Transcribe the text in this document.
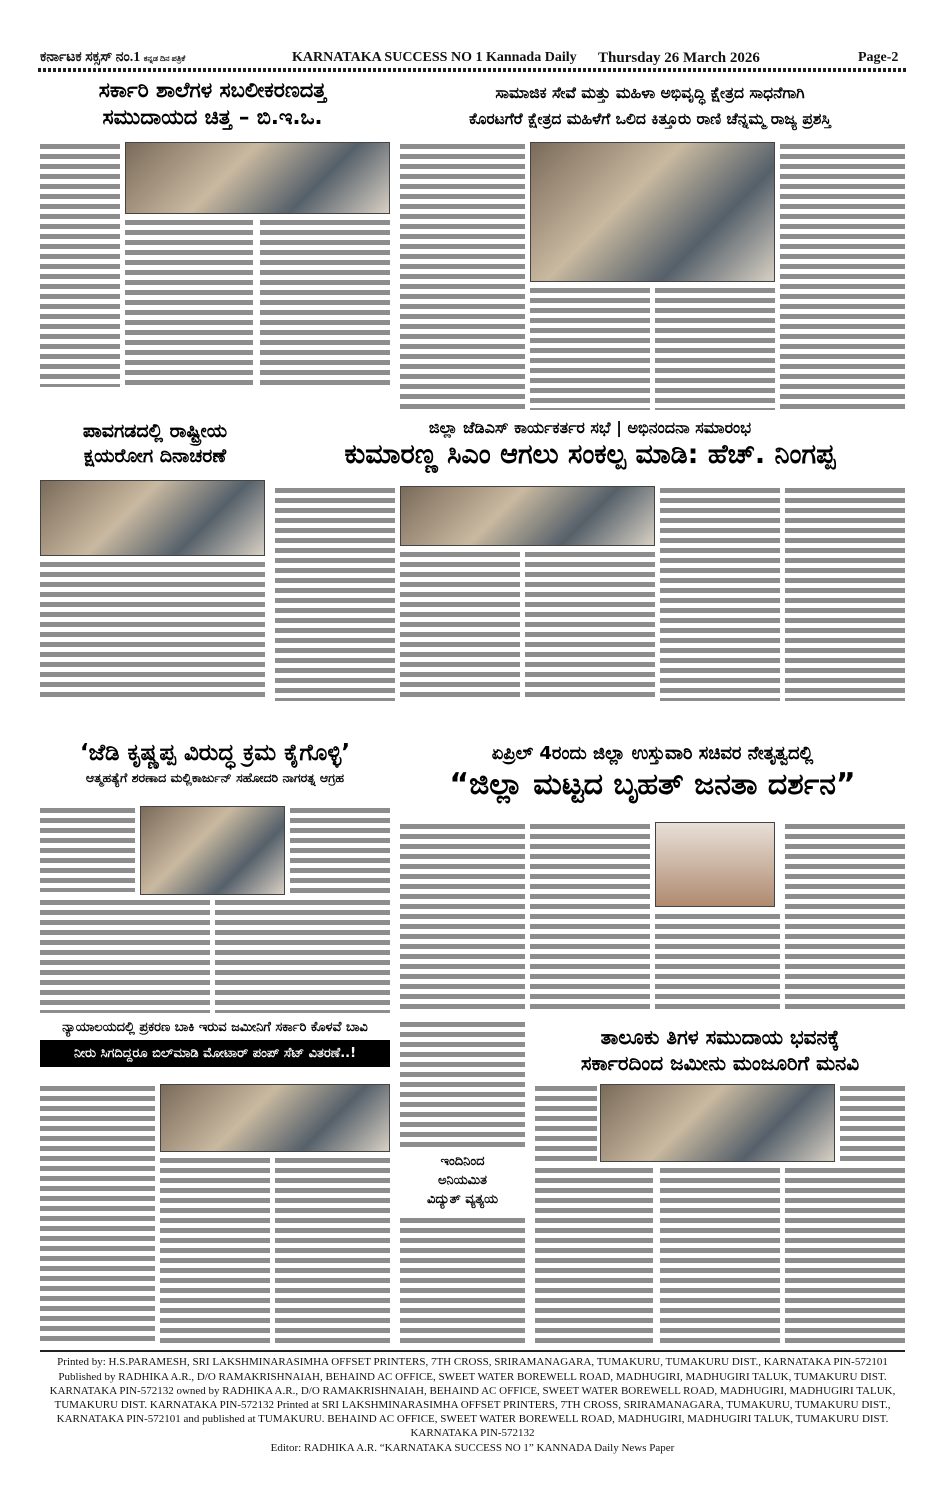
ಕರ್ನಾಟಕ ಸಕ್ಸಸ್ ನಂ.1 ಕನ್ನಡ ದಿನ ಪತ್ರಿಕೆ	KARNATAKA SUCCESS NO 1 Kannada Daily Thursday 26 March 2026	Page-2
ಸರ್ಕಾರಿ ಶಾಲೆಗಳ ಸಬಲೀಕರಣದತ್ತ
ಸಮುದಾಯದ ಚಿತ್ತ – ಬಿ.ಇ.ಒ.
ಸಾಮಾಜಿಕ ಸೇವೆ ಮತ್ತು ಮಹಿಳಾ ಅಭಿವೃದ್ಧಿ ಕ್ಷೇತ್ರದ ಸಾಧನೆಗಾಗಿ
ಕೊರಟಗೆರೆ ಕ್ಷೇತ್ರದ ಮಹಿಳೆಗೆ ಒಲಿದ ಕಿತ್ತೂರು ರಾಣಿ ಚೆನ್ನಮ್ಮ ರಾಜ್ಯ ಪ್ರಶಸ್ತಿ
ಪಾವಗಡದಲ್ಲಿ ರಾಷ್ಟ್ರೀಯ
ಕ್ಷಯರೋಗ ದಿನಾಚರಣೆ
ಜಿಲ್ಲಾ ಜೆಡಿಎಸ್ ಕಾರ್ಯಕರ್ತರ ಸಭೆ | ಅಭಿನಂದನಾ ಸಮಾರಂಭ
ಕುಮಾರಣ್ಣ ಸಿಎಂ ಆಗಲು ಸಂಕಲ್ಪ ಮಾಡಿ: ಹೆಚ್. ನಿಂಗಪ್ಪ
‘ಜೆಡಿ ಕೃಷ್ಣಪ್ಪ ವಿರುದ್ಧ ಕ್ರಮ ಕೈಗೊಳ್ಳಿ’
ಆತ್ಮಹತ್ಯೆಗೆ ಶರಣಾದ ಮಲ್ಲಿಕಾರ್ಜುನ್ ಸಹೋದರಿ ನಾಗರತ್ನ ಆಗ್ರಹ
ಏಪ್ರಿಲ್ 4ರಂದು ಜಿಲ್ಲಾ ಉಸ್ತುವಾರಿ ಸಚಿವರ ನೇತೃತ್ವದಲ್ಲಿ
“ಜಿಲ್ಲಾ ಮಟ್ಟದ ಬೃಹತ್ ಜನತಾ ದರ್ಶನ”
ನ್ಯಾಯಾಲಯದಲ್ಲಿ ಪ್ರಕರಣ ಬಾಕಿ ಇರುವ ಜಮೀನಿಗೆ ಸರ್ಕಾರಿ ಕೊಳವೆ ಬಾವಿ
ನೀರು ಸಿಗದಿದ್ದರೂ ಬಿಲ್‌ಮಾಡಿ ಮೋಟಾರ್ ಪಂಪ್ ಸೆಟ್ ವಿತರಣೆ..!
ಇಂದಿನಿಂದ
ಅನಿಯಮಿತ
ವಿದ್ಯುತ್ ವ್ಯತ್ಯಯ
ತಾಲೂಕು ತಿಗಳ ಸಮುದಾಯ ಭವನಕ್ಕೆ
ಸರ್ಕಾರದಿಂದ ಜಮೀನು ಮಂಜೂರಿಗೆ ಮನವಿ
Printed by: H.S.PARAMESH, SRI LAKSHMINARASIMHA OFFSET PRINTERS, 7TH CROSS, SRIRAMANAGARA, TUMAKURU, TUMAKURU DIST., KARNATAKA PIN-572101
Published by RADHIKA A.R., D/O RAMAKRISHNAIAH, BEHAIND AC OFFICE, SWEET WATER BOREWELL ROAD, MADHUGIRI, MADHUGIRI TALUK, TUMAKURU DIST. KARNATAKA PIN-572132 owned by RADHIKA A.R., D/O RAMAKRISHNAIAH, BEHAIND AC OFFICE, SWEET WATER BOREWELL ROAD, MADHUGIRI, MADHUGIRI TALUK, TUMAKURU DIST. KARNATAKA PIN-572132 Printed at SRI LAKSHMINARASIMHA OFFSET PRINTERS, 7TH CROSS, SRIRAMANAGARA, TUMAKURU, TUMAKURU DIST., KARNATAKA PIN-572101 and published at TUMAKURU. BEHAIND AC OFFICE, SWEET WATER BOREWELL ROAD, MADHUGIRI, MADHUGIRI TALUK, TUMAKURU DIST. KARNATAKA PIN-572132
Editor: RADHIKA A.R. “KARNATAKA SUCCESS NO 1” KANNADA Daily News Paper
